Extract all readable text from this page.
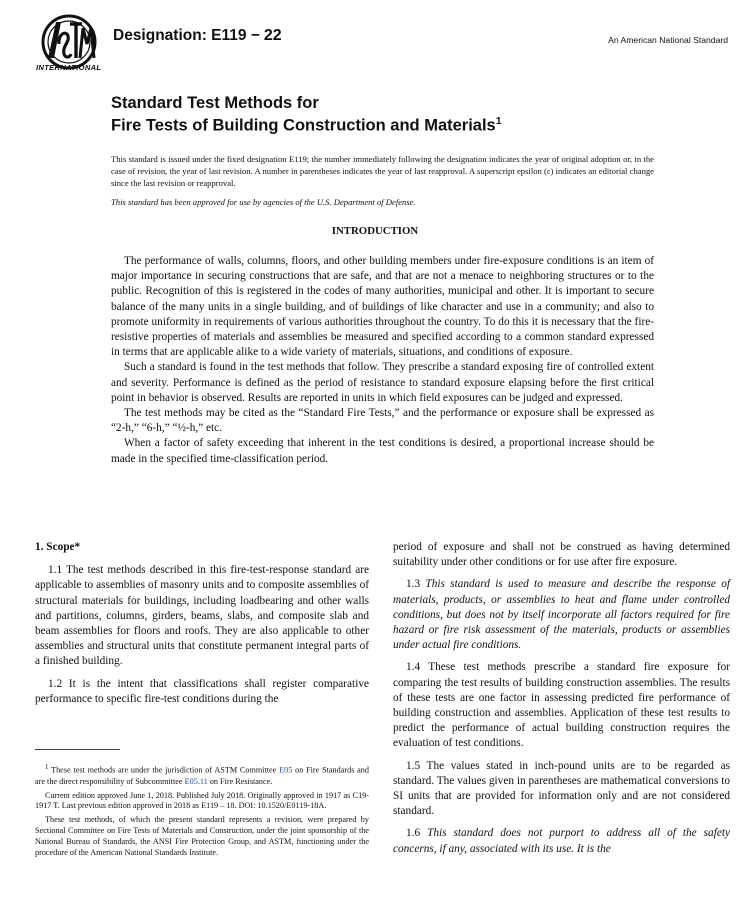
INTERNATIONAL
Designation: E119 − 22	An American National Standard
Standard Test Methods for
Fire Tests of Building Construction and Materials$^1$
This standard is issued under the fixed designation E119; the number immediately following the designation indicates the year of original adoption or, in the case of revision, the year of last revision. A number in parentheses indicates the year of last reapproval. A superscript epsilon (ε) indicates an editorial change since the last revision or reapproval.
This standard has been approved for use by agencies of the U.S. Department of Defense.
INTRODUCTION

The performance of walls, columns, floors, and other building members under fire-exposure conditions is an item of major importance in securing constructions that are safe, and that are not a menace to neighboring structures or to the public. Recognition of this is registered in the codes of many authorities, municipal and other. It is important to secure balance of the many units in a single building, and of buildings of like character and use in a community; and also to promote uniformity in requirements of various authorities throughout the country. To do this it is necessary that the fire-resistive properties of materials and assemblies be measured and specified according to a common standard expressed in terms that are applicable alike to a wide variety of materials, situations, and conditions of exposure.

Such a standard is found in the test methods that follow. They prescribe a standard exposing fire of controlled extent and severity. Performance is defined as the period of resistance to standard exposure elapsing before the first critical point in behavior is observed. Results are reported in units in which field exposures can be judged and expressed.

The test methods may be cited as the “Standard Fire Tests,” and the performance or exposure shall be expressed as “2-h,” “6-h,” “½-h,” etc.

When a factor of safety exceeding that inherent in the test conditions is desired, a proportional increase should be made in the specified time-classification period.

1. Scope*

1.1 The test methods described in this fire-test-response standard are applicable to assemblies of masonry units and to composite assemblies of structural materials for buildings, including loadbearing and other walls and partitions, columns, girders, beams, slabs, and composite slab and beam assemblies for floors and roofs. They are also applicable to other assemblies and structural units that constitute permanent integral parts of a finished building.

1.2 It is the intent that classifications shall register comparative performance to specific fire-test conditions during the

$^1$ These test methods are under the jurisdiction of ASTM Committee E05 on Fire Standards and are the direct responsibility of Subcommittee E05.11 on Fire Resistance.

Current edition approved June 1, 2018. Published July 2018. Originally approved in 1917 as C19-1917 T. Last previous edition approved in 2018 as E119 – 18. DOI: 10.1520/E0119-18A.

These test methods, of which the present standard represents a revision, were prepared by Sectional Committee on Fire Tests of Materials and Construction, under the joint sponsorship of the National Bureau of Standards, the ANSI Fire Protection Group, and ASTM, functioning under the procedure of the American National Standards Institute.

period of exposure and shall not be construed as having determined suitability under other conditions or for use after fire exposure.

1.3 This standard is used to measure and describe the response of materials, products, or assemblies to heat and flame under controlled conditions, but does not by itself incorporate all factors required for fire hazard or fire risk assessment of the materials, products or assemblies under actual fire conditions.

1.4 These test methods prescribe a standard fire exposure for comparing the test results of building construction assemblies. The results of these tests are one factor in assessing predicted fire performance of building construction and assemblies. Application of these test results to predict the performance of actual building construction requires the evaluation of test conditions.

1.5 The values stated in inch-pound units are to be regarded as standard. The values given in parentheses are mathematical conversions to SI units that are provided for information only and are not considered standard.

1.6 This standard does not purport to address all of the safety concerns, if any, associated with its use. It is the
